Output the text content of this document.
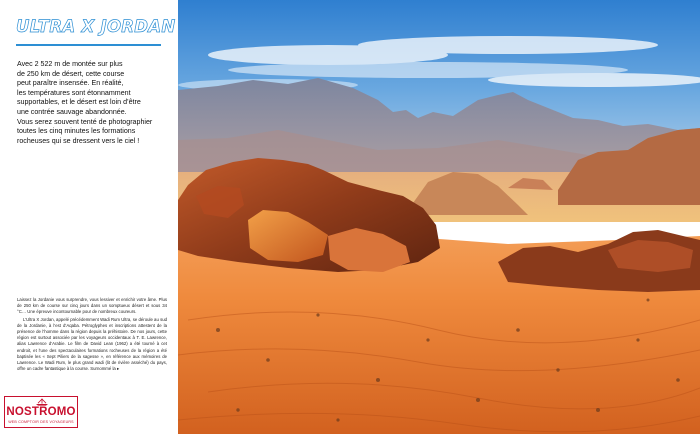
ULTRA X JORDAN
Avec 2 522 m de montée sur plus
de 250 km de désert, cette course
peut paraître insensée. En réalité,
les températures sont étonnamment
supportables, et le désert est loin d’être
une contrée sauvage abandonnée.
Vous serez souvent tenté de photographier
toutes les cinq minutes les formations
rocheuses qui se dressent vers le ciel !

Laissez la Jordanie vous surprendre, vous lessiver et enrichir votre âme. Plus de 250 km de course sur cinq jours dans un somptueux désert et sous 34 °C… Une épreuve incontournable pour de nombreux coureurs.

L’Ultra X Jordan, appelé précédemment Wadi Rum Ultra, se déroule au sud de la Jordanie, à l’est d’Aqaba. Pétroglyphes et inscriptions attestent de la présence de l’homme dans la région depuis la préhistoire. De nos jours, cette région est surtout associée par les voyageurs occidentaux à T. E. Lawrence, alias Lawrence d’Arabie. Le film de David Lean (1962) a été tourné à cet endroit, et l’une des spectaculaires formations rocheuses de la région a été baptisée les « Sept Piliers de la sagesse », en référence aux mémoires de Lawrence. Le Wadi Rum, le plus grand wadi (lit de rivière asséché) du pays, offre un cadre fantastique à la course. Surnommé la ▸

NOSTROMO
WEB COMPTOIR DES VOYAGEURS
